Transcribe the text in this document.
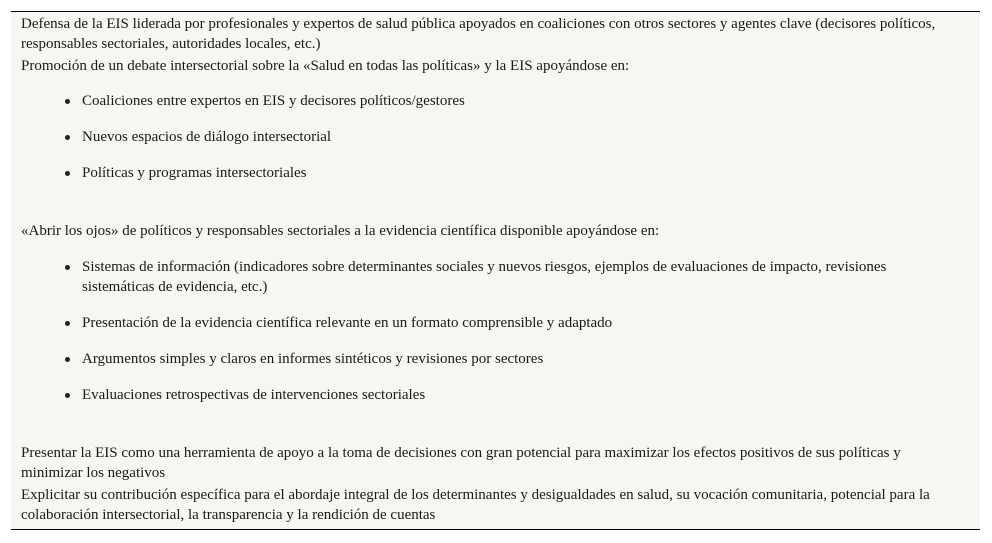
Defensa de la EIS liderada por profesionales y expertos de salud pública apoyados en coaliciones con otros sectores y agentes clave (decisores políticos, responsables sectoriales, autoridades locales, etc.)

Promoción de un debate intersectorial sobre la «Salud en todas las políticas» y la EIS apoyándose en:

Coaliciones entre expertos en EIS y decisores políticos/gestores
Nuevos espacios de diálogo intersectorial
Políticas y programas intersectoriales

«Abrir los ojos» de políticos y responsables sectoriales a la evidencia científica disponible apoyándose en:

Sistemas de información (indicadores sobre determinantes sociales y nuevos riesgos, ejemplos de evaluaciones de impacto, revisiones sistemáticas de evidencia, etc.)
Presentación de la evidencia científica relevante en un formato comprensible y adaptado
Argumentos simples y claros en informes sintéticos y revisiones por sectores
Evaluaciones retrospectivas de intervenciones sectoriales

Presentar la EIS como una herramienta de apoyo a la toma de decisiones con gran potencial para maximizar los efectos positivos de sus políticas y minimizar los negativos

Explicitar su contribución específica para el abordaje integral de los determinantes y desigualdades en salud, su vocación comunitaria, potencial para la colaboración intersectorial, la transparencia y la rendición de cuentas
